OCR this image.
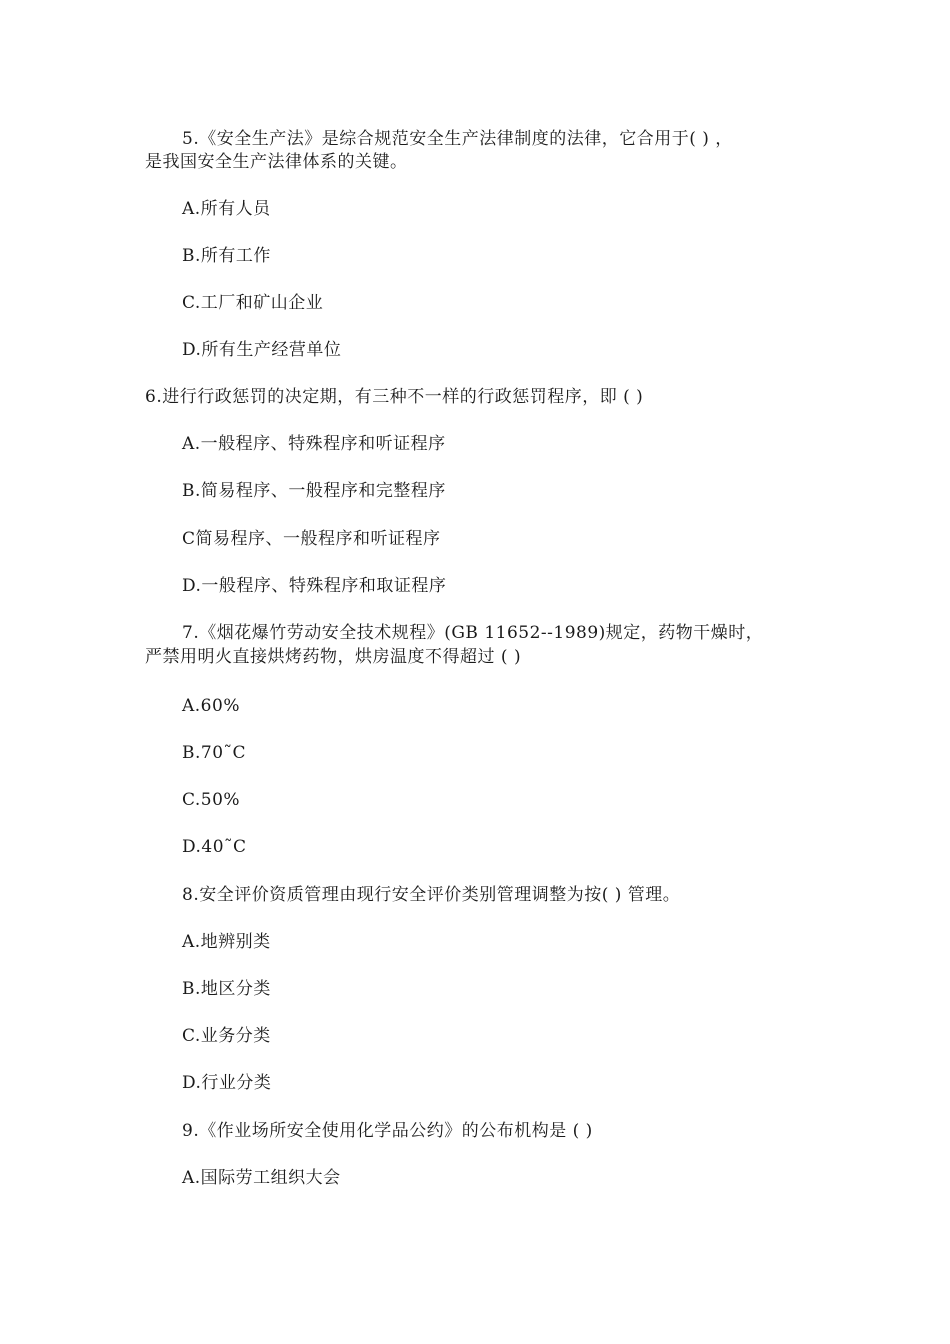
5.《安全生产法》是综合规范安全生产法律制度的法律，它合用于( ) ，
是我国安全生产法律体系的关键。
A.所有人员
B.所有工作
C.工厂和矿山企业
D.所有生产经营单位
6.进行行政惩罚的决定期，有三种不一样的行政惩罚程序，即 ( )
A.一般程序、特殊程序和听证程序
B.简易程序、一般程序和完整程序
C简易程序、一般程序和听证程序
D.一般程序、特殊程序和取证程序
7.《烟花爆竹劳动安全技术规程》(GB 11652--1989)规定，药物干燥时，
严禁用明火直接烘烤药物，烘房温度不得超过 ( )
A.60%
B.70˜C
C.50%
D.40˜C
8.安全评价资质管理由现行安全评价类别管理调整为按( ) 管理。
A.地辨别类
B.地区分类
C.业务分类
D.行业分类
9.《作业场所安全使用化学品公约》的公布机构是 ( )
A.国际劳工组织大会
